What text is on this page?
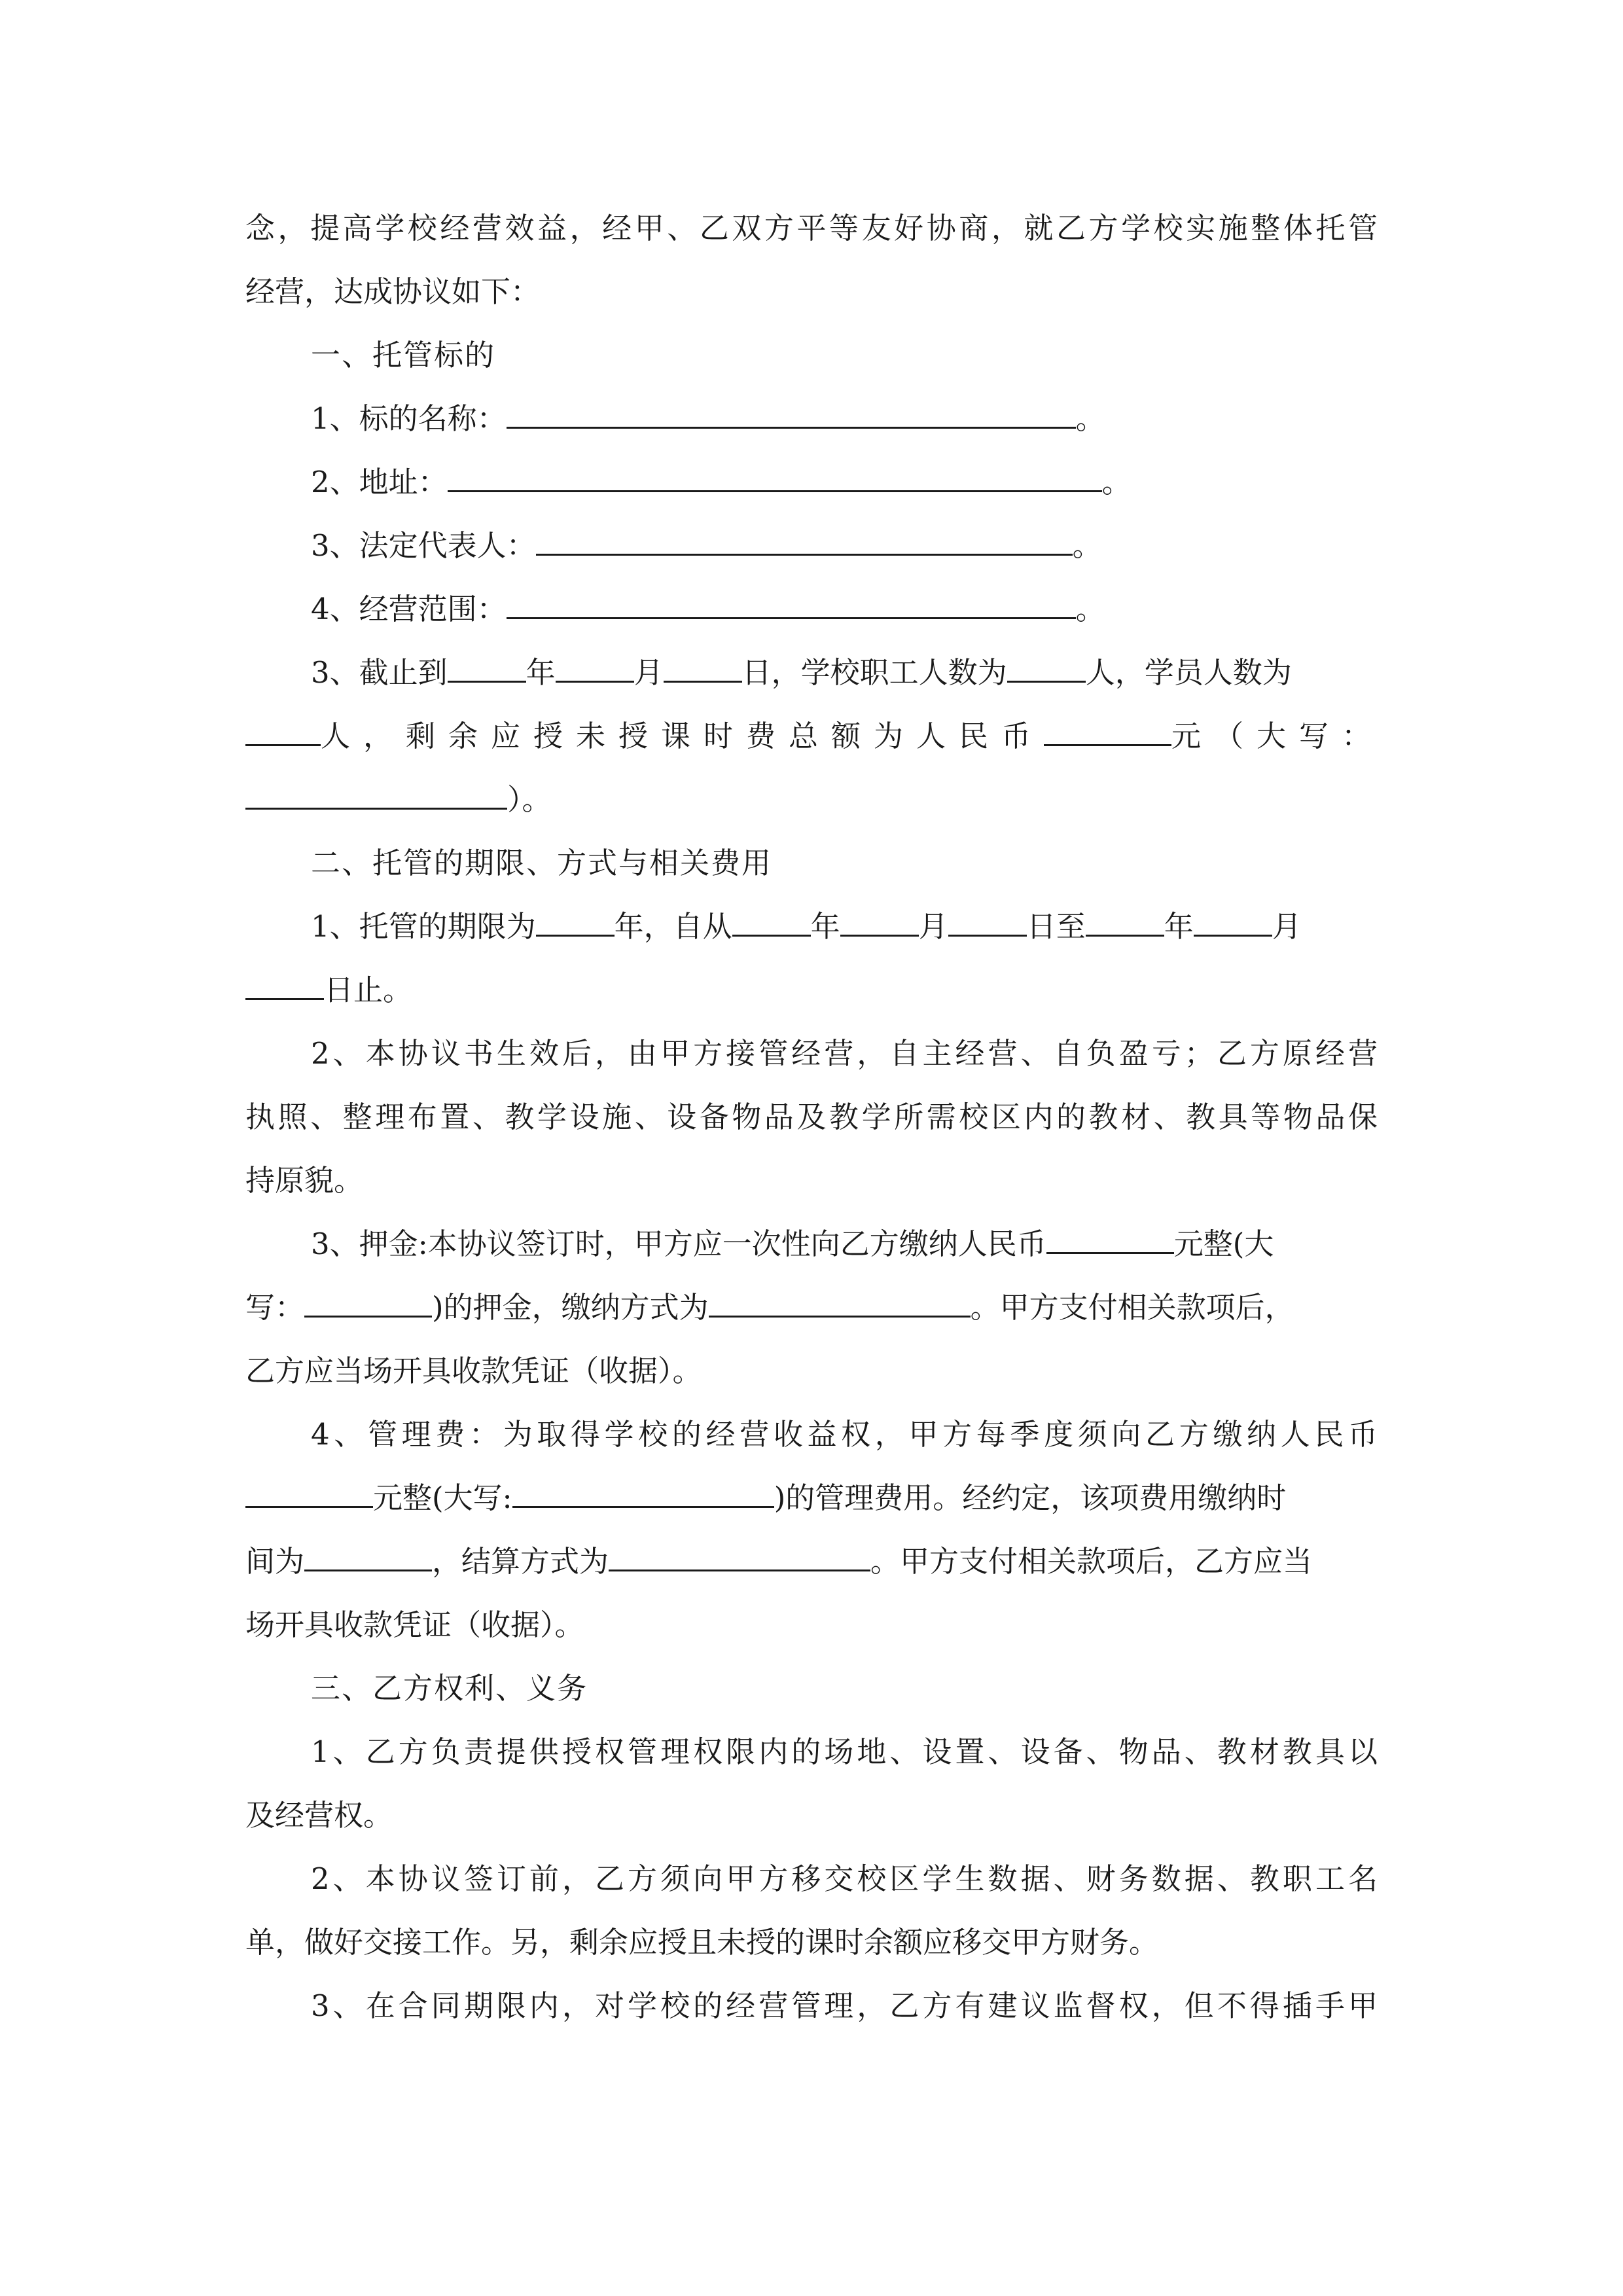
念，提高学校经营效益，经甲、乙双方平等友好协商，就乙方学校实施整体托管
经营，达成协议如下：
一、托管标的
1、标的名称：	。
2、地址：	。
3、法定代表人：	。
4、经营范围：	。
3、截止到	年	月	日，学校职工人数为	人，学员人数为
人，剩余应授未授课时费总额为人民币	元（大写：
）。
二、托管的期限、方式与相关费用
1、托管的期限为	年，自从	年	月	日至	年	月
日止。
2、本协议书生效后，由甲方接管经营，自主经营、自负盈亏；乙方原经营
执照、整理布置、教学设施、设备物品及教学所需校区内的教材、教具等物品保
持原貌。
3、押金:本协议签订时，甲方应一次性向乙方缴纳人民币	元整(大
写：	)的押金，缴纳方式为	。甲方支付相关款项后，
乙方应当场开具收款凭证（收据）。
4、管理费：为取得学校的经营收益权，甲方每季度须向乙方缴纳人民币
元整(大写:	)的管理费用。经约定，该项费用缴纳时
间为	，结算方式为	。甲方支付相关款项后，乙方应当
场开具收款凭证（收据）。
三、乙方权利、义务
1、乙方负责提供授权管理权限内的场地、设置、设备、物品、教材教具以
及经营权。
2、本协议签订前，乙方须向甲方移交校区学生数据、财务数据、教职工名
单，做好交接工作。另，剩余应授且未授的课时余额应移交甲方财务。
3、在合同期限内，对学校的经营管理，乙方有建议监督权，但不得插手甲
